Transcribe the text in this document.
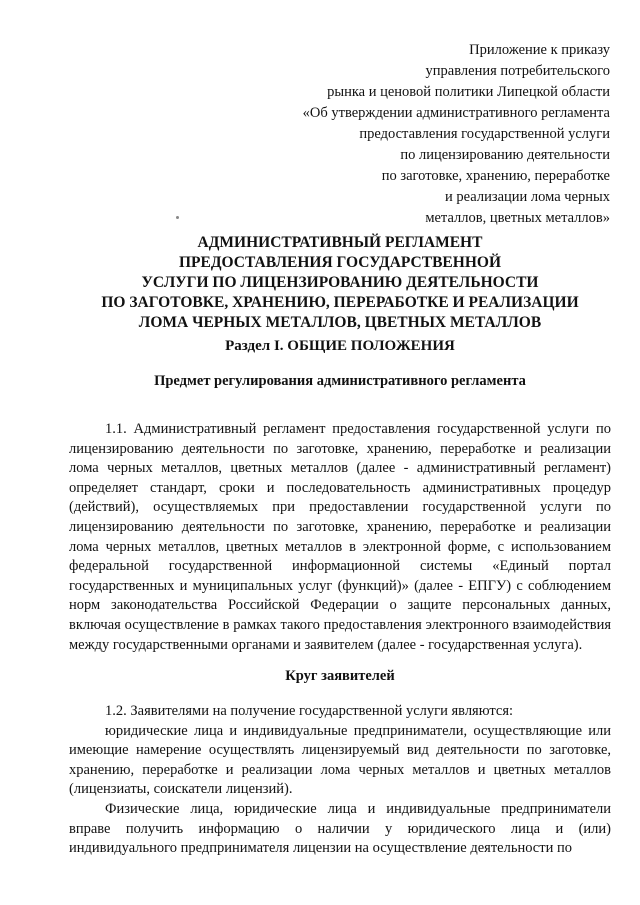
Приложение к приказу
управления потребительского
рынка и ценовой политики Липецкой области
«Об утверждении административного регламента
предоставления государственной услуги
по лицензированию деятельности
по заготовке, хранению, переработке
и реализации лома черных
металлов, цветных металлов»
АДМИНИСТРАТИВНЫЙ РЕГЛАМЕНТ
ПРЕДОСТАВЛЕНИЯ ГОСУДАРСТВЕННОЙ
УСЛУГИ ПО ЛИЦЕНЗИРОВАНИЮ ДЕЯТЕЛЬНОСТИ
ПО ЗАГОТОВКЕ, ХРАНЕНИЮ, ПЕРЕРАБОТКЕ И РЕАЛИЗАЦИИ
ЛОМА ЧЕРНЫХ МЕТАЛЛОВ, ЦВЕТНЫХ МЕТАЛЛОВ
Раздел I. ОБЩИЕ ПОЛОЖЕНИЯ
Предмет регулирования административного регламента

1.1. Административный регламент предоставления государственной услуги по лицензированию деятельности по заготовке, хранению, переработке и реализации лома черных металлов, цветных металлов (далее - административный регламент) определяет стандарт, сроки и последовательность административных процедур (действий), осуществляемых при предоставлении государственной услуги по лицензированию деятельности по заготовке, хранению, переработке и реализации лома черных металлов, цветных металлов в электронной форме, с использованием федеральной государственной информационной системы «Единый портал государственных и муниципальных услуг (функций)» (далее - ЕПГУ) с соблюдением норм законодательства Российской Федерации о защите персональных данных, включая осуществление в рамках такого предоставления электронного взаимодействия между государственными органами и заявителем (далее - государственная услуга).

Круг заявителей

1.2. Заявителями на получение государственной услуги являются:

юридические лица и индивидуальные предприниматели, осуществляющие или имеющие намерение осуществлять лицензируемый вид деятельности по заготовке, хранению, переработке и реализации лома черных металлов и цветных металлов (лицензиаты, соискатели лицензий).

Физические лица, юридические лица и индивидуальные предприниматели вправе получить информацию о наличии у юридического лица и (или) индивидуального предпринимателя лицензии на осуществление деятельности по
